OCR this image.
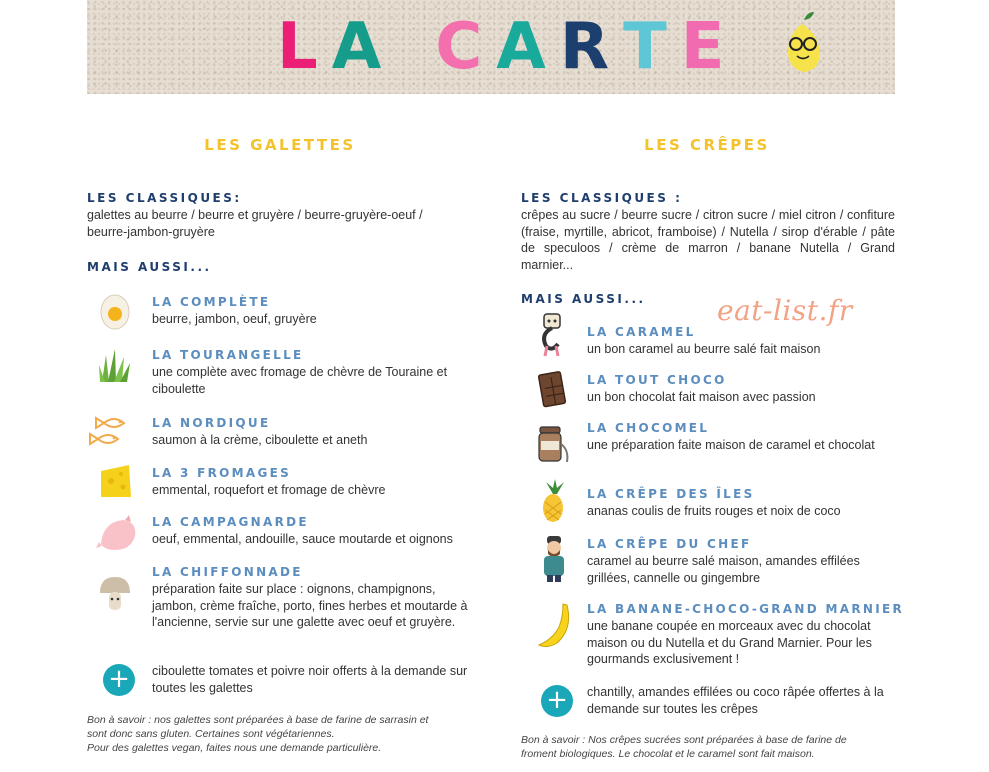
LA CARTE
LES GALETTES	LES CRÊPES
LES CLASSIQUES:
galettes au beurre / beurre et gruyère / beurre-gruyère-oeuf / beurre-jambon-gruyère
MAIS AUSSI...
LA COMPLÈTE
beurre, jambon, oeuf, gruyère
LA TOURANGELLE
une complète avec fromage de chèvre de Touraine et ciboulette
LA NORDIQUE
saumon à la crème, ciboulette et aneth
LA 3 FROMAGES
emmental, roquefort et fromage de chèvre
LA CAMPAGNARDE
oeuf, emmental, andouille, sauce moutarde et oignons
LA CHIFFONNADE
préparation faite sur place : oignons, champignons, jambon, crème fraîche, porto, fines herbes et moutarde à l'ancienne, servie sur une galette avec oeuf et gruyère.
+	ciboulette tomates et poivre noir offerts à la demande sur toutes les galettes
Bon à savoir : nos galettes sont préparées à base de farine de sarrasin et
sont donc sans gluten. Certaines sont végétariennes.
Pour des galettes vegan, faites nous une demande particulière.
LES CLASSIQUES :
crêpes au sucre / beurre sucre / citron sucre / miel citron / confiture (fraise, myrtille, abricot, framboise) / Nutella / sirop d'érable / pâte de speculoos / crème de marron / banane Nutella / Grand marnier...
MAIS AUSSI...	eat-list.fr
LA CARAMEL
un bon caramel au beurre salé fait maison
LA TOUT CHOCO
un bon chocolat fait maison avec passion
LA CHOCOMEL
une préparation faite maison de caramel et chocolat
LA CRÊPE DES ÎLES
ananas coulis de fruits rouges et noix de coco
LA CRÊPE DU CHEF
caramel au beurre salé maison, amandes effilées grillées, cannelle ou gingembre
LA BANANE-CHOCO-GRAND MARNIER
une banane coupée en morceaux avec du chocolat maison ou du Nutella et du Grand Marnier. Pour les gourmands exclusivement !
+	chantilly, amandes effilées ou coco râpée offertes à la demande sur toutes les crêpes
Bon à savoir : Nos crêpes sucrées sont préparées à base de farine de
froment biologiques. Le chocolat et le caramel sont fait maison.
